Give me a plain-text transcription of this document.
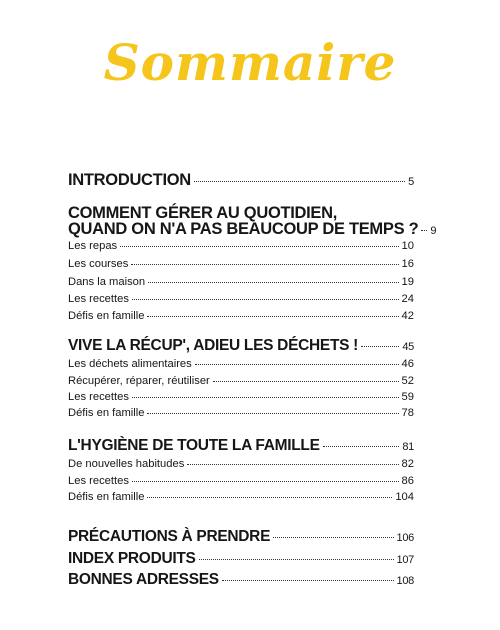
Sommaire
INTRODUCTION	5
COMMENT GÉRER AU QUOTIDIEN,
QUAND ON N'A PAS BEAUCOUP DE TEMPS ? 9
Les repas	10
Les courses	16
Dans la maison	19
Les recettes	24
Défis en famille	42
VIVE LA RÉCUP', ADIEU LES DÉCHETS !	45
Les déchets alimentaires	46
Récupérer, réparer, réutiliser	52
Les recettes	59
Défis en famille	78
L'HYGIÈNE DE TOUTE LA FAMILLE	81
De nouvelles habitudes	82
Les recettes	86
Défis en famille	104
PRÉCAUTIONS À PRENDRE	106
INDEX PRODUITS	107
BONNES ADRESSES	108
